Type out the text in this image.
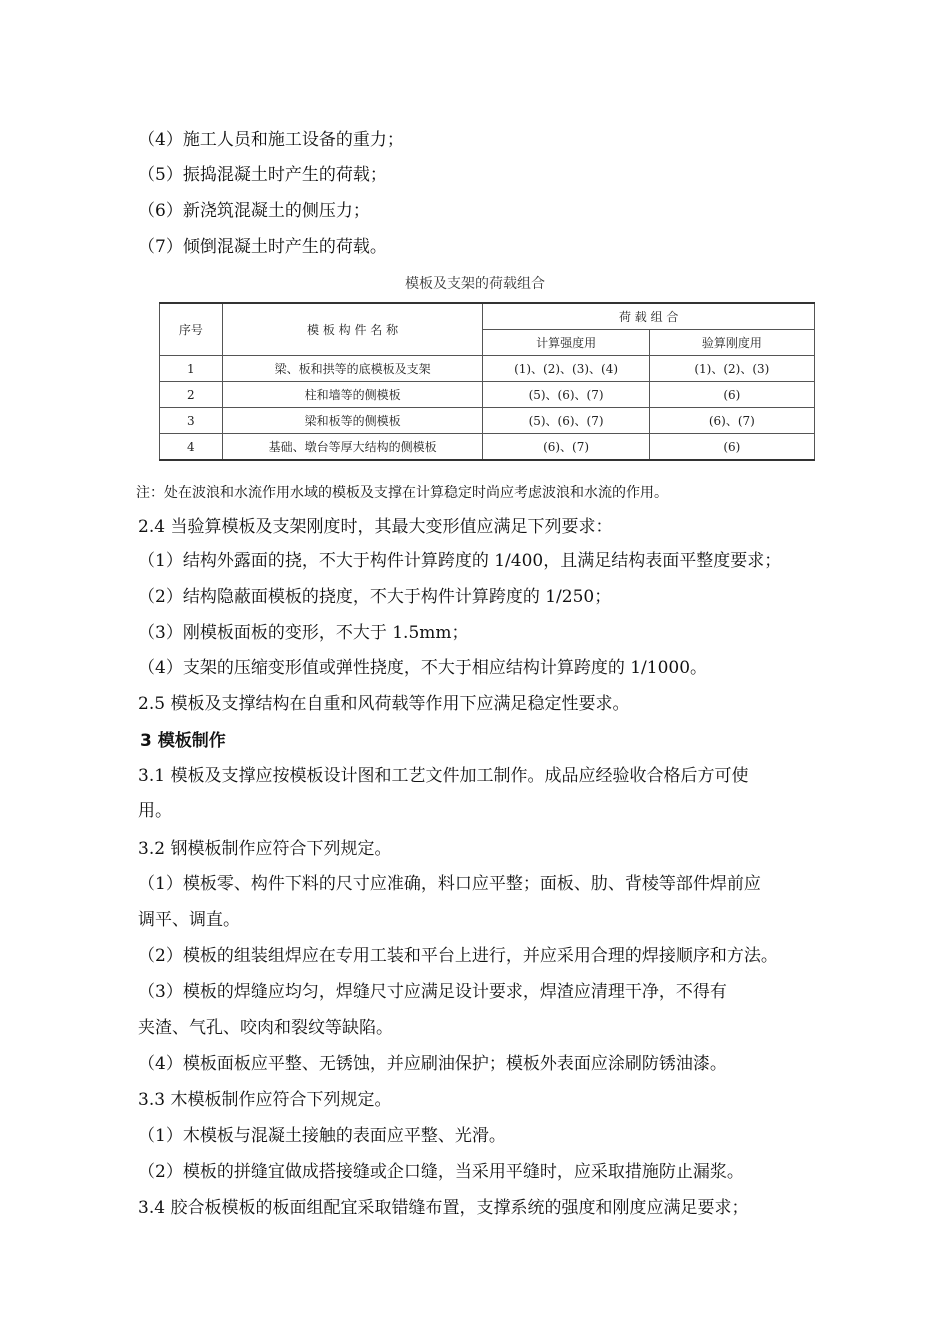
（4）施工人员和施工设备的重力；
（5）振捣混凝土时产生的荷载；
（6）新浇筑混凝土的侧压力；
（7）倾倒混凝土时产生的荷载。
模板及支架的荷载组合
序号	模 板 构 件 名 称	荷 载 组 合	
		计算强度用	验算刚度用
1	梁、板和拱等的底模板及支架	(1)、(2)、(3)、(4)	(1)、(2)、(3)
2	柱和墙等的侧模板	(5)、(6)、(7)	(6)
3	梁和板等的侧模板	(5)、(6)、(7)	(6)、(7)
4	基础、墩台等厚大结构的侧模板	(6)、(7)	(6)
注：处在波浪和水流作用水域的模板及支撑在计算稳定时尚应考虑波浪和水流的作用。
2.4 当验算模板及支架刚度时，其最大变形值应满足下列要求：
（1）结构外露面的挠，不大于构件计算跨度的 1/400，且满足结构表面平整度要求；
（2）结构隐蔽面模板的挠度，不大于构件计算跨度的 1/250；
（3）刚模板面板的变形，不大于 1.5mm；
（4）支架的压缩变形值或弹性挠度，不大于相应结构计算跨度的 1/1000。
2.5 模板及支撑结构在自重和风荷载等作用下应满足稳定性要求。
3 模板制作
3.1 模板及支撑应按模板设计图和工艺文件加工制作。成品应经验收合格后方可使
用。
3.2 钢模板制作应符合下列规定。
（1）模板零、构件下料的尺寸应准确，料口应平整；面板、肋、背棱等部件焊前应
调平、调直。
（2）模板的组装组焊应在专用工装和平台上进行，并应采用合理的焊接顺序和方法。
（3）模板的焊缝应均匀，焊缝尺寸应满足设计要求，焊渣应清理干净，不得有
夹渣、气孔、咬肉和裂纹等缺陷。
（4）模板面板应平整、无锈蚀，并应刷油保护；模板外表面应涂刷防锈油漆。
3.3 木模板制作应符合下列规定。
（1）木模板与混凝土接触的表面应平整、光滑。
（2）模板的拼缝宜做成搭接缝或企口缝，当采用平缝时，应采取措施防止漏浆。
3.4 胶合板模板的板面组配宜采取错缝布置，支撑系统的强度和刚度应满足要求；
